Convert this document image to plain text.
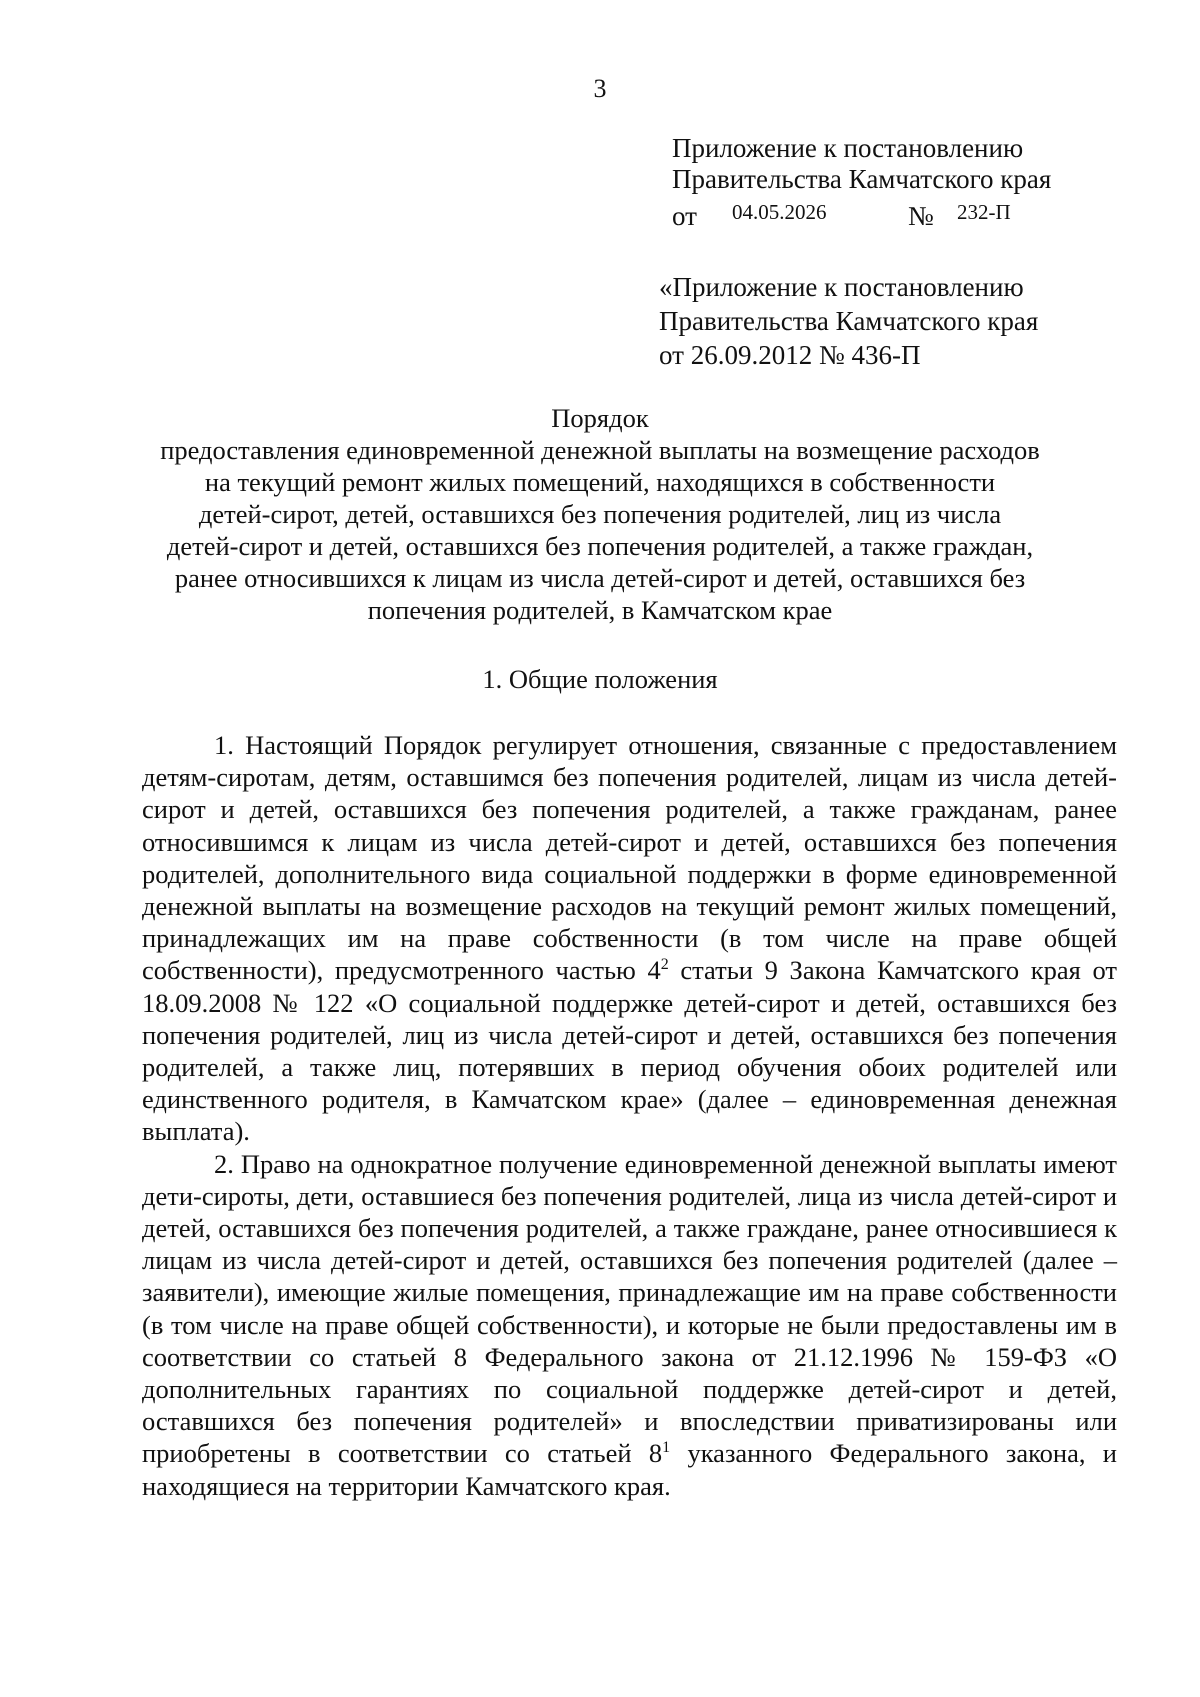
3
Приложение к постановлению
Правительства Камчатского края
от 04.05.2026	№ 232-П
«Приложение к постановлению
Правительства Камчатского края
от 26.09.2012 № 436-П
Порядок
предоставления единовременной денежной выплаты на возмещение расходов
на текущий ремонт жилых помещений, находящихся в собственности
детей-сирот, детей, оставшихся без попечения родителей, лиц из числа
детей-сирот и детей, оставшихся без попечения родителей, а также граждан,
ранее относившихся к лицам из числа детей-сирот и детей, оставшихся без
попечения родителей, в Камчатском крае
1. Общие положения

1. Настоящий Порядок регулирует отношения, связанные с предоставлением детям-сиротам, детям, оставшимся без попечения родителей, лицам из числа детей-сирот и детей, оставшихся без попечения родителей, а также гражданам, ранее относившимся к лицам из числа детей-сирот и детей, оставшихся без попечения родителей, дополнительного вида социальной поддержки в форме единовременной денежной выплаты на возмещение расходов на текущий ремонт жилых помещений, принадлежащих им на праве собственности (в том числе на праве общей собственности), предусмотренного частью $4^2$ статьи 9 Закона Камчатского края от 18.09.2008 № 122 «О социальной поддержке детей-сирот и детей, оставшихся без попечения родителей, лиц из числа детей-сирот и детей, оставшихся без попечения родителей, а также лиц, потерявших в период обучения обоих родителей или единственного родителя, в Камчатском крае» (далее – единовременная денежная выплата).

2. Право на однократное получение единовременной денежной выплаты имеют дети-сироты, дети, оставшиеся без попечения родителей, лица из числа детей-сирот и детей, оставшихся без попечения родителей, а также граждане, ранее относившиеся к лицам из числа детей-сирот и детей, оставшихся без попечения родителей (далее – заявители), имеющие жилые помещения, принадлежащие им на праве собственности (в том числе на праве общей собственности), и которые не были предоставлены им в соответствии со статьей 8 Федерального закона от 21.12.1996 № 159-ФЗ «О дополнительных гарантиях по социальной поддержке детей-сирот и детей, оставшихся без попечения родителей» и впоследствии приватизированы или приобретены в соответствии со статьей $8^1$ указанного Федерального закона, и находящиеся на территории Камчатского края.
